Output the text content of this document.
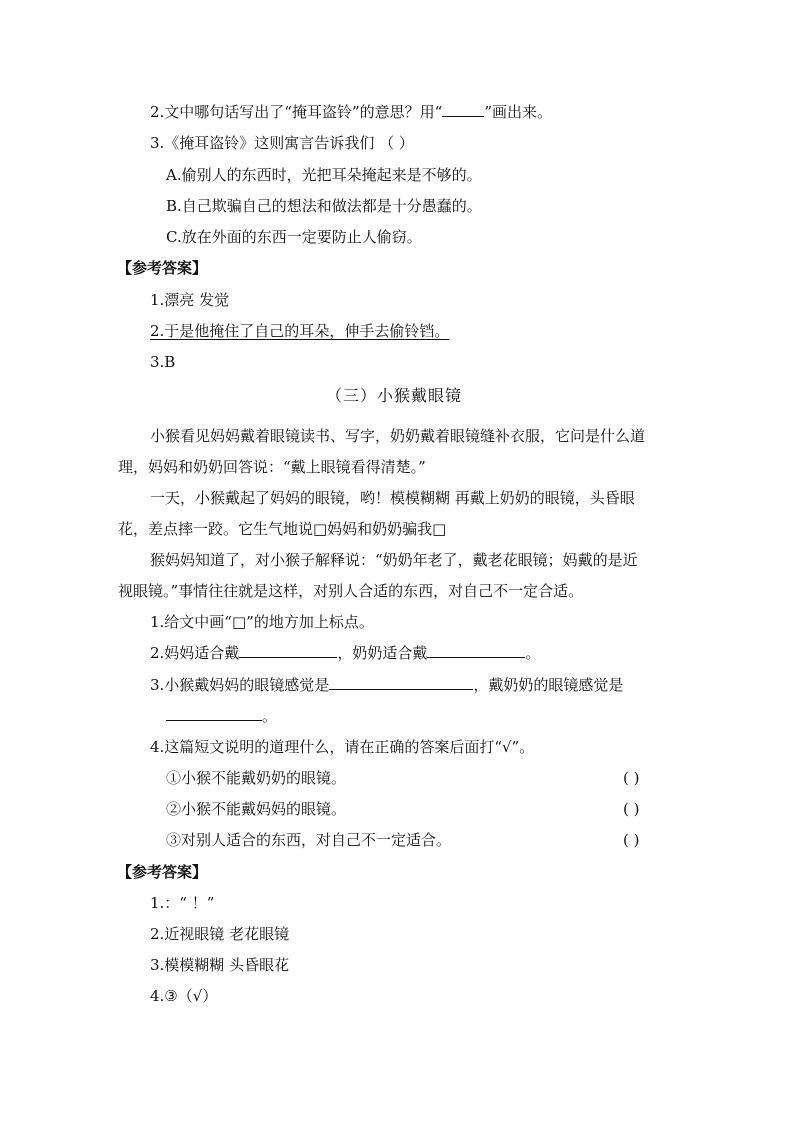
2.文中哪句话写出了“掩耳盗铃”的意思？用“	”画出来。
3.《掩耳盗铃》这则寓言告诉我们 （ ）
A.偷别人的东西时，光把耳朵掩起来是不够的。
B.自己欺骗自己的想法和做法都是十分愚蠢的。
C.放在外面的东西一定要防止人偷窃。
【参考答案】
1.漂亮 发觉
2.于是他掩住了自己的耳朵，伸手去偷铃铛。
3.B
（三）小猴戴眼镜
小猴看见妈妈戴着眼镜读书、写字，奶奶戴着眼镜缝补衣服，它问是什么道
理，妈妈和奶奶回答说：“戴上眼镜看得清楚。”
一天，小猴戴起了妈妈的眼镜，哟！模模糊糊 再戴上奶奶的眼镜，头昏眼
花，差点摔一跤。它生气地说□妈妈和奶奶骗我□
猴妈妈知道了，对小猴子解释说：“奶奶年老了，戴老花眼镜；妈戴的是近
视眼镜。”事情往往就是这样，对别人合适的东西，对自己不一定合适。
1.给文中画“□”的地方加上标点。
2.妈妈适合戴	，奶奶适合戴	。
3.小猴戴妈妈的眼镜感觉是	，戴奶奶的眼镜感觉是
。
4.这篇短文说明的道理什么，请在正确的答案后面打“√”。
①小猴不能戴奶奶的眼镜。	( )
②小猴不能戴妈妈的眼镜。	( )
③对别人适合的东西，对自己不一定适合。	( )
【参考答案】
1.：“ ！”
2.近视眼镜 老花眼镜
3.模模糊糊 头昏眼花
4.③（√）
